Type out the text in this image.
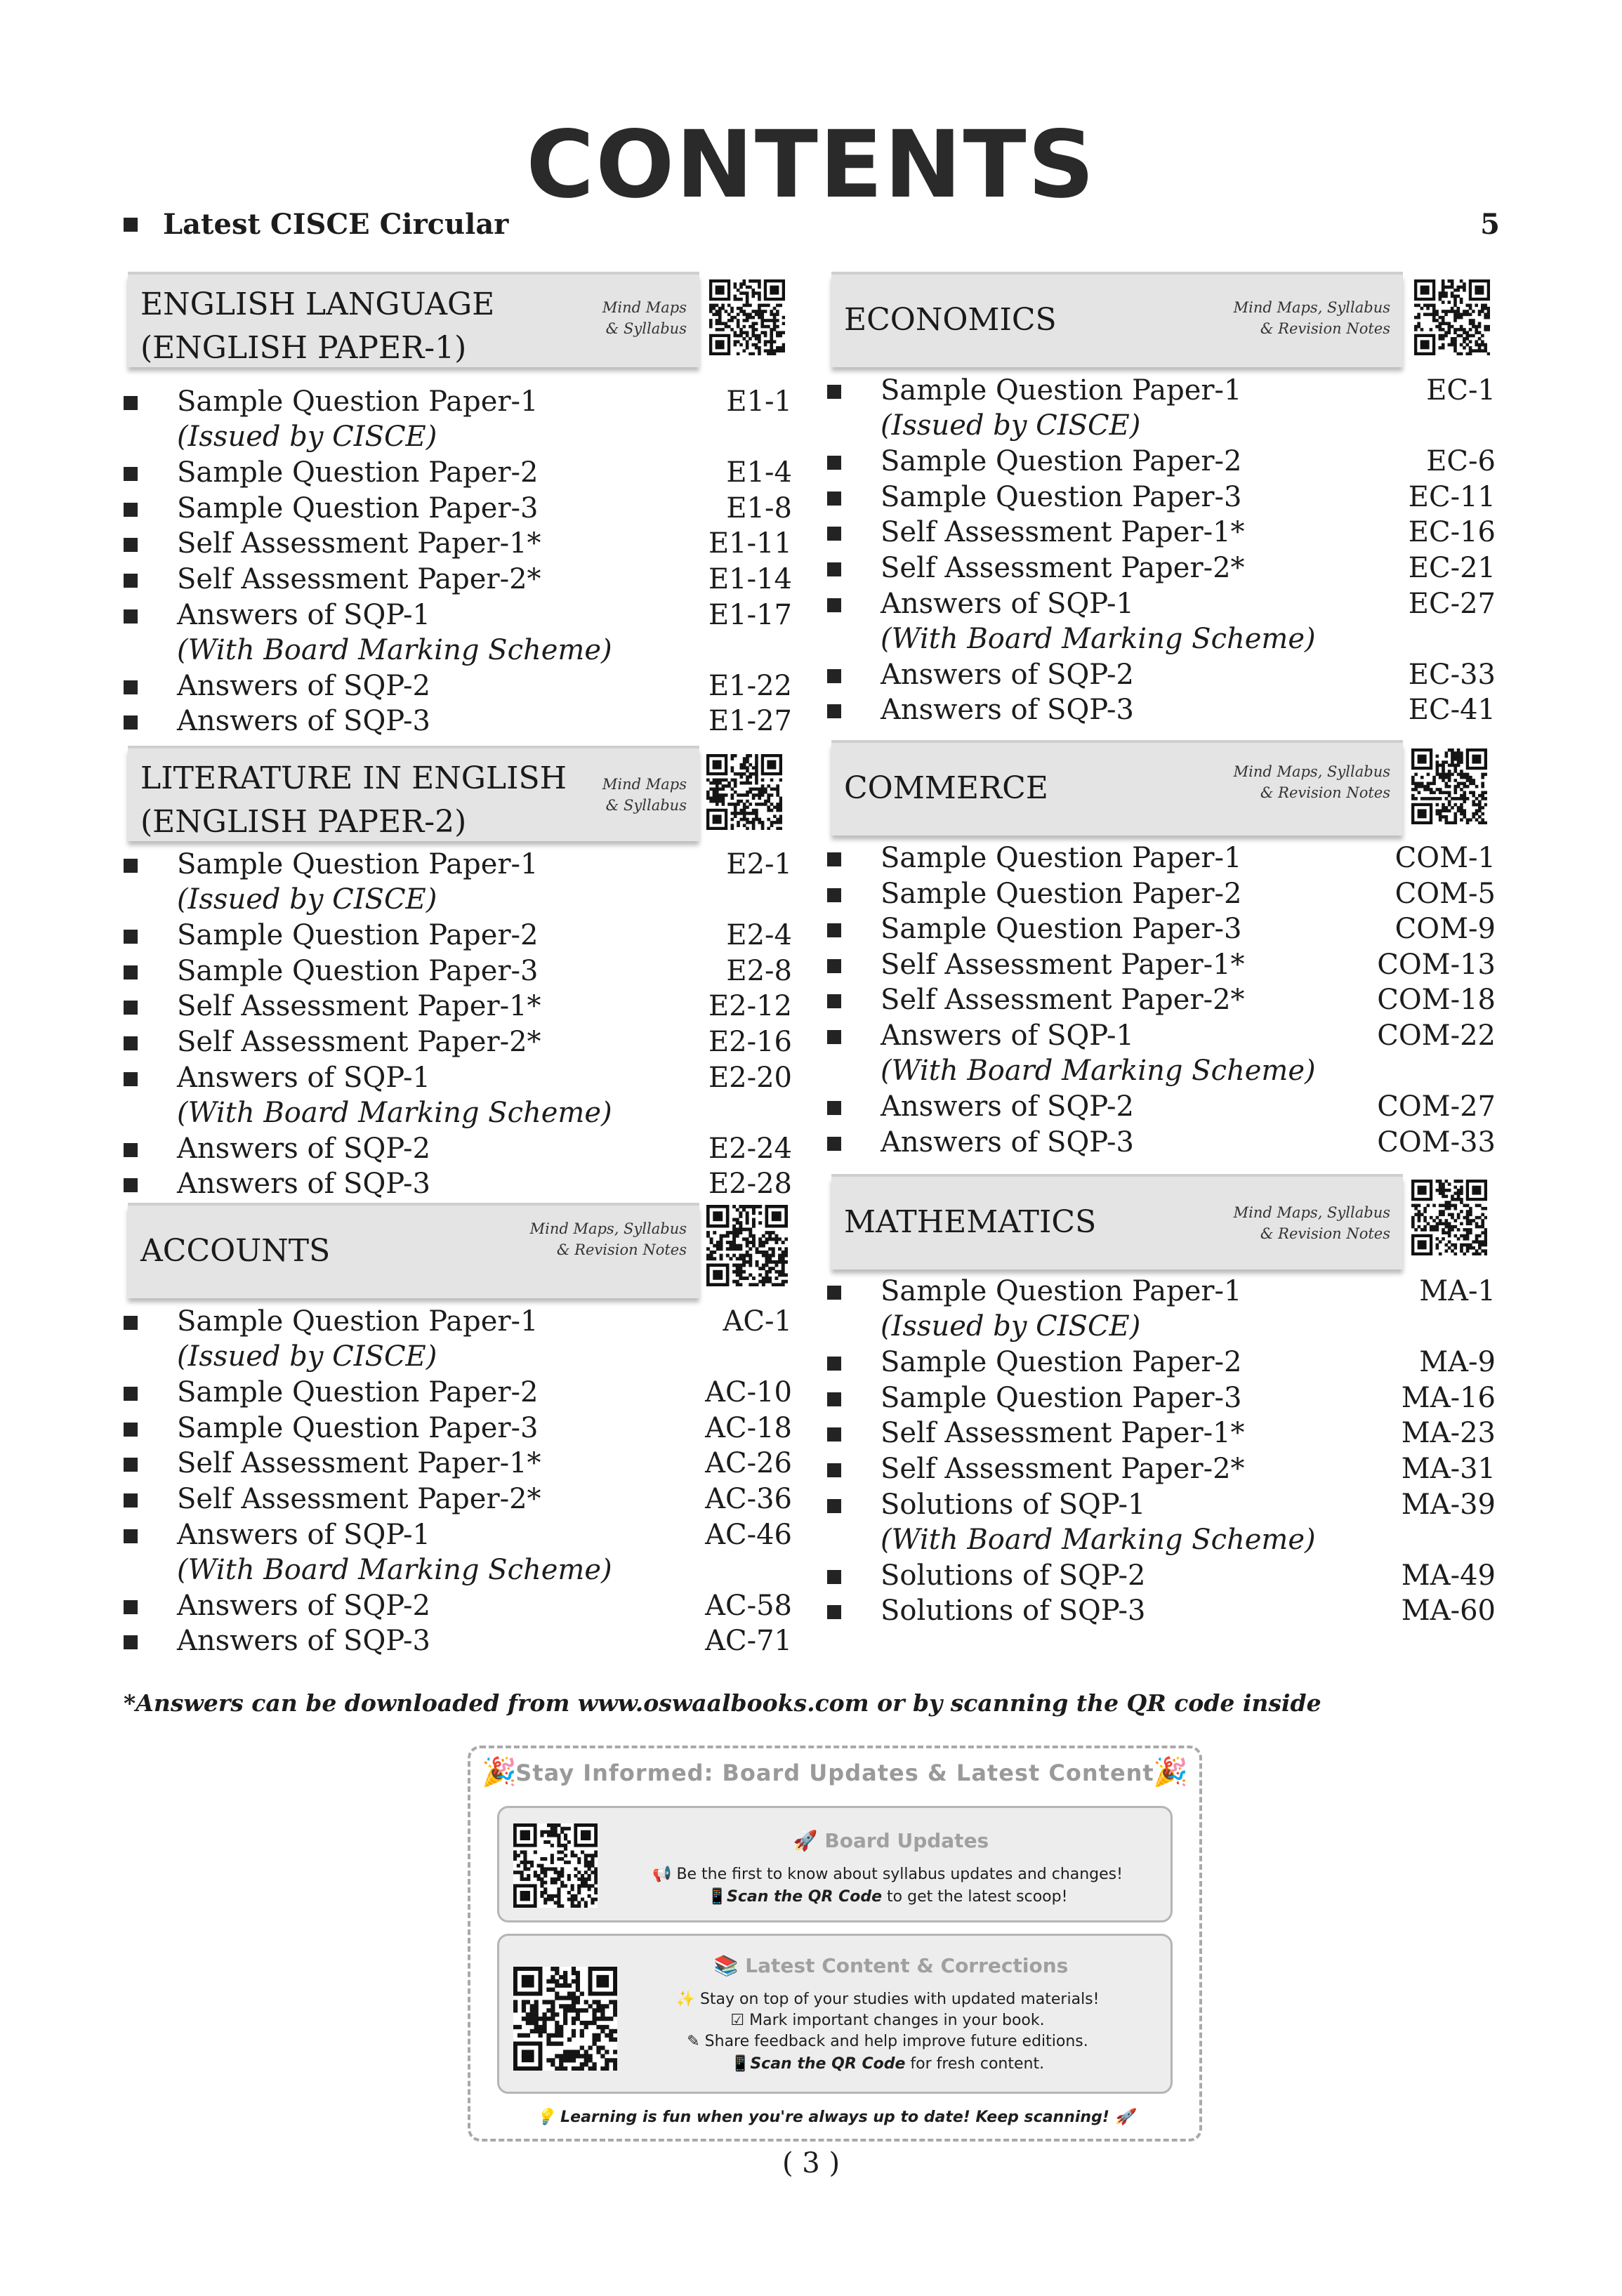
CONTENTS
Latest CISCE Circular	5
ENGLISH LANGUAGE
(ENGLISH PAPER-1)
Mind Maps
& Syllabus
LITERATURE IN ENGLISH
(ENGLISH PAPER-2)
Mind Maps
& Syllabus
ACCOUNTS
Mind Maps, Syllabus
& Revision Notes
ECONOMICS	Mind Maps, Syllabus
& Revision Notes
COMMERCE	Mind Maps, Syllabus
& Revision Notes
MATHEMATICS	Mind Maps, Syllabus
& Revision Notes
Sample Question Paper-1	E1-1
(Issued by CISCE)
Sample Question Paper-2	E1-4
Sample Question Paper-3	E1-8
Self Assessment Paper-1*	E1-11
Self Assessment Paper-2*	E1-14
Answers of SQP-1	E1-17
(With Board Marking Scheme)
Answers of SQP-2	E1-22
Answers of SQP-3	E1-27
Sample Question Paper-1	E2-1
(Issued by CISCE)
Sample Question Paper-2	E2-4
Sample Question Paper-3	E2-8
Self Assessment Paper-1*	E2-12
Self Assessment Paper-2*	E2-16
Answers of SQP-1	E2-20
(With Board Marking Scheme)
Answers of SQP-2	E2-24
Answers of SQP-3	E2-28
Sample Question Paper-1	AC-1
(Issued by CISCE)
Sample Question Paper-2	AC-10
Sample Question Paper-3	AC-18
Self Assessment Paper-1*	AC-26
Self Assessment Paper-2*	AC-36
Answers of SQP-1	AC-46
(With Board Marking Scheme)
Answers of SQP-2	AC-58
Answers of SQP-3	AC-71
Sample Question Paper-1	EC-1
(Issued by CISCE)
Sample Question Paper-2	EC-6
Sample Question Paper-3	EC-11
Self Assessment Paper-1*	EC-16
Self Assessment Paper-2*	EC-21
Answers of SQP-1	EC-27
(With Board Marking Scheme)
Answers of SQP-2	EC-33
Answers of SQP-3	EC-41
Sample Question Paper-1	COM-1
Sample Question Paper-2	COM-5
Sample Question Paper-3	COM-9
Self Assessment Paper-1*	COM-13
Self Assessment Paper-2*	COM-18
Answers of SQP-1	COM-22
(With Board Marking Scheme)
Answers of SQP-2	COM-27
Answers of SQP-3	COM-33
Sample Question Paper-1	MA-1
(Issued by CISCE)
Sample Question Paper-2	MA-9
Sample Question Paper-3	MA-16
Self Assessment Paper-1*	MA-23
Self Assessment Paper-2*	MA-31
Solutions of SQP-1	MA-39
(With Board Marking Scheme)
Solutions of SQP-2	MA-49
Solutions of SQP-3	MA-60
*Answers can be downloaded from www.oswaalbooks.com or by scanning the QR code inside
🎉
Stay Informed: Board Updates & Latest Content
🎉
🚀 Board Updates
📢 Be the first to know about syllabus updates and changes!
📱Scan the QR Code to get the latest scoop!
📚 Latest Content & Corrections
✨ Stay on top of your studies with updated materials!
☑ Mark important changes in your book.
✎ Share feedback and help improve future editions.
📱Scan the QR Code for fresh content.
💡 Learning is fun when you're always up to date! Keep scanning! 🚀
( 3 )
